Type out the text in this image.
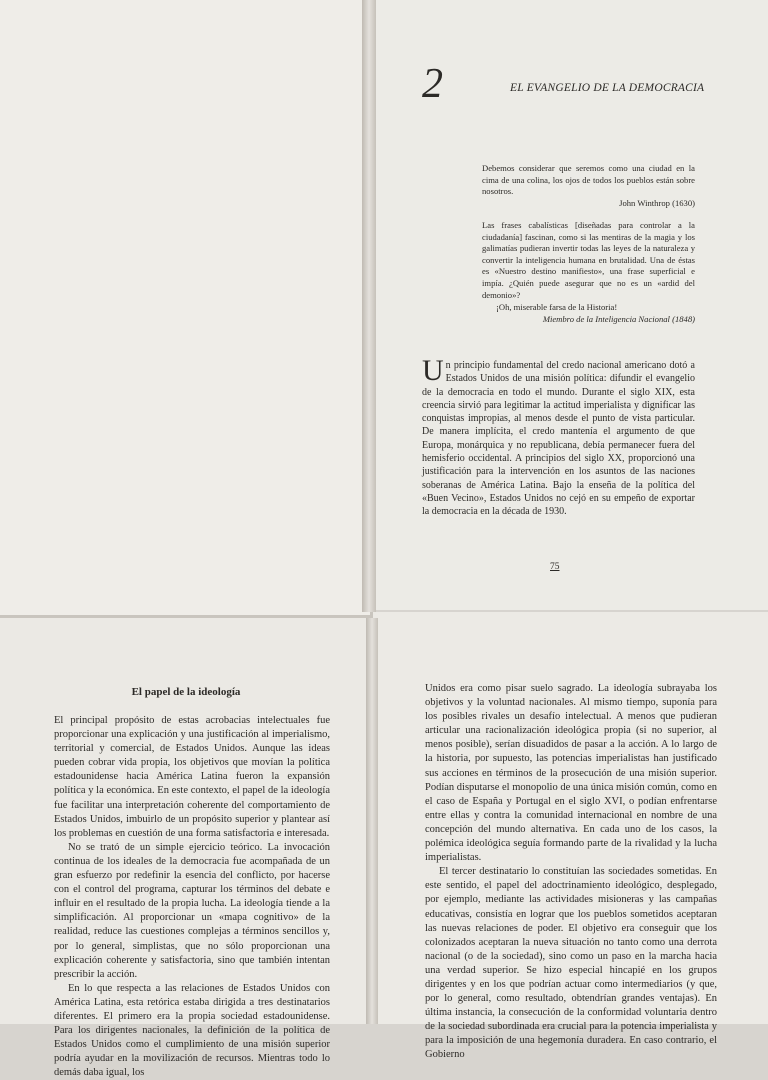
2	EL EVANGELIO DE LA DEMOCRACIA

Debemos considerar que seremos como una ciudad en la cima de una colina, los ojos de todos los pueblos están sobre nosotros.

John Winthrop (1630)

Las frases cabalísticas [diseñadas para controlar a la ciudadanía] fascinan, como si las mentiras de la magia y los galimatías pudieran invertir todas las leyes de la naturaleza y convertir la inteligencia humana en brutalidad. Una de éstas es «Nuestro destino manifiesto», una frase superficial e impía. ¿Quién puede asegurar que no es un «ardid del demonio»?

¡Oh, miserable farsa de la Historia!

Miembro de la Inteligencia Nacional (1848)

Un principio fundamental del credo nacional americano dotó a Estados Unidos de una misión política: difundir el evangelio de la democracia en todo el mundo. Durante el siglo XIX, esta creencia sirvió para legitimar la actitud imperialista y dignificar las conquistas impropias, al menos desde el punto de vista particular. De manera implícita, el credo mantenía el argumento de que Europa, monárquica y no republicana, debía permanecer fuera del hemisferio occidental. A principios del siglo XX, proporcionó una justificación para la intervención en los asuntos de las naciones soberanas de América Latina. Bajo la enseña de la política del «Buen Vecino», Estados Unidos no cejó en su empeño de exportar la democracia en la década de 1930.
75
El papel de la ideología

El principal propósito de estas acrobacias intelectuales fue proporcionar una explicación y una justificación al imperialismo, territorial y comercial, de Estados Unidos. Aunque las ideas pueden cobrar vida propia, los objetivos que movían la política estadounidense hacia América Latina fueron la expansión política y la económica. En este contexto, el papel de la ideología fue facilitar una interpretación coherente del comportamiento de Estados Unidos, imbuirlo de un propósito superior y plantear así los problemas en cuestión de una forma satisfactoria e interesada.

No se trató de un simple ejercicio teórico. La invocación continua de los ideales de la democracia fue acompañada de un gran esfuerzo por redefinir la esencia del conflicto, por hacerse con el control del programa, capturar los términos del debate e influir en el resultado de la propia lucha. La ideología tiende a la simplificación. Al proporcionar un «mapa cognitivo» de la realidad, reduce las cuestiones complejas a términos sencillos y, por lo general, simplistas, que no sólo proporcionan una explicación coherente y satisfactoria, sino que también intentan prescribir la acción.

En lo que respecta a las relaciones de Estados Unidos con América Latina, esta retórica estaba dirigida a tres destinatarios diferentes. El primero era la propia sociedad estadounidense. Para los dirigentes nacionales, la definición de la política de Estados Unidos como el cumplimiento de una misión superior podría ayudar en la movilización de recursos. Mientras todo lo demás daba igual, los

Unidos era como pisar suelo sagrado. La ideología subrayaba los objetivos y la voluntad nacionales. Al mismo tiempo, suponía para los posibles rivales un desafío intelectual. A menos que pudieran articular una racionalización ideológica propia (si no superior, al menos posible), serían disuadidos de pasar a la acción. A lo largo de la historia, por supuesto, las potencias imperialistas han justificado sus acciones en términos de la prosecución de una misión superior. Podían disputarse el monopolio de una única misión común, como en el caso de España y Portugal en el siglo XVI, o podían enfrentarse entre ellas y contra la comunidad internacional en nombre de una concepción del mundo alternativa. En cada uno de los casos, la polémica ideológica seguía formando parte de la rivalidad y la lucha imperialistas.

El tercer destinatario lo constituían las sociedades sometidas. En este sentido, el papel del adoctrinamiento ideológico, desplegado, por ejemplo, mediante las actividades misioneras y las campañas educativas, consistía en lograr que los pueblos sometidos aceptaran las nuevas relaciones de poder. El objetivo era conseguir que los colonizados aceptaran la nueva situación no tanto como una derrota nacional (o de la sociedad), sino como un paso en la marcha hacia una verdad superior. Se hizo especial hincapié en los grupos dirigentes y en los que podrían actuar como intermediarios (y que, por lo general, como resultado, obtendrían grandes ventajas). En última instancia, la consecución de la conformidad voluntaria dentro de la sociedad subordinada era crucial para la potencia imperialista y para la imposición de una hegemonía duradera. En caso contrario, el Gobierno
